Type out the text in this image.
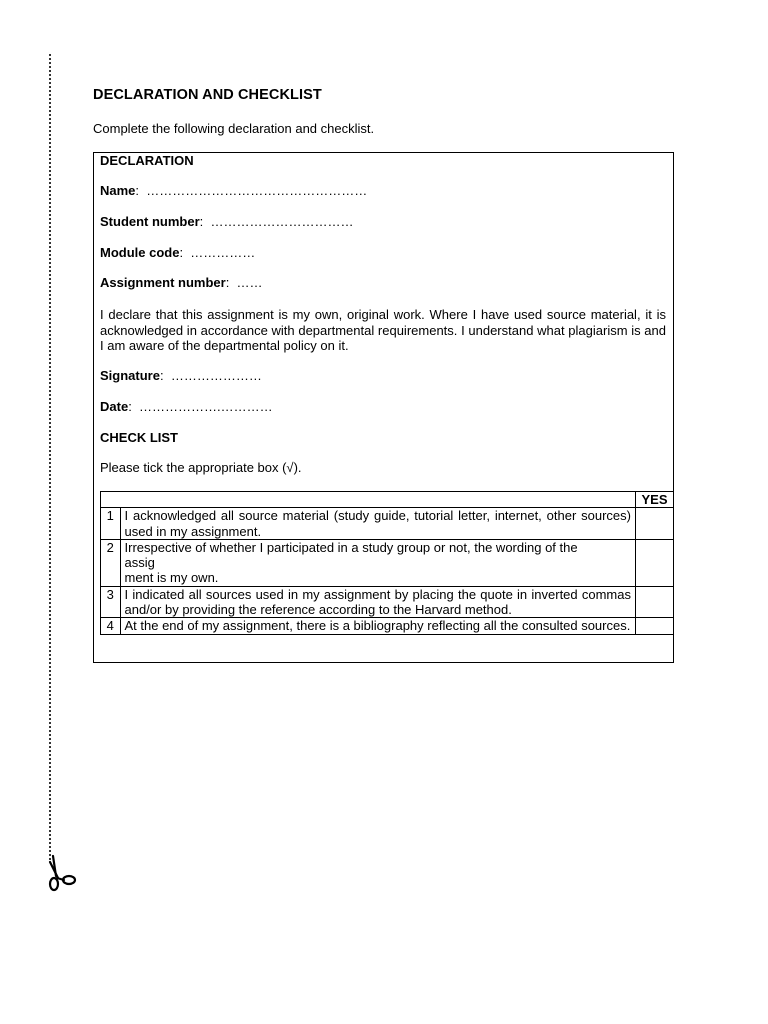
DECLARATION AND CHECKLIST

Complete the following declaration and checklist.

DECLARATION
Name:  ……………………………………………
Student number:  ……………………………
Module code:  ……………
Assignment number:  ……
I declare that this assignment is my own, original work. Where I have used source material, it is acknowledged in accordance with departmental requirements. I understand what plagiarism is and I am aware of the departmental policy on it.
Signature:  …………………
Date:  ……………….…………
CHECK LIST
Please tick the appropriate box (√).
		YES
1	I acknowledged all source material (study guide, tutorial letter, internet, other sources) used in my assignment.	
2	Irrespective of whether I participated in a study group or not, the wording of the
assig
ment is my own.	
3	I indicated all sources used in my assignment by placing the quote in inverted commas and/or by providing the reference according to the Harvard method.	
4	At the end of my assignment, there is a bibliography reflecting all the consulted sources.	
